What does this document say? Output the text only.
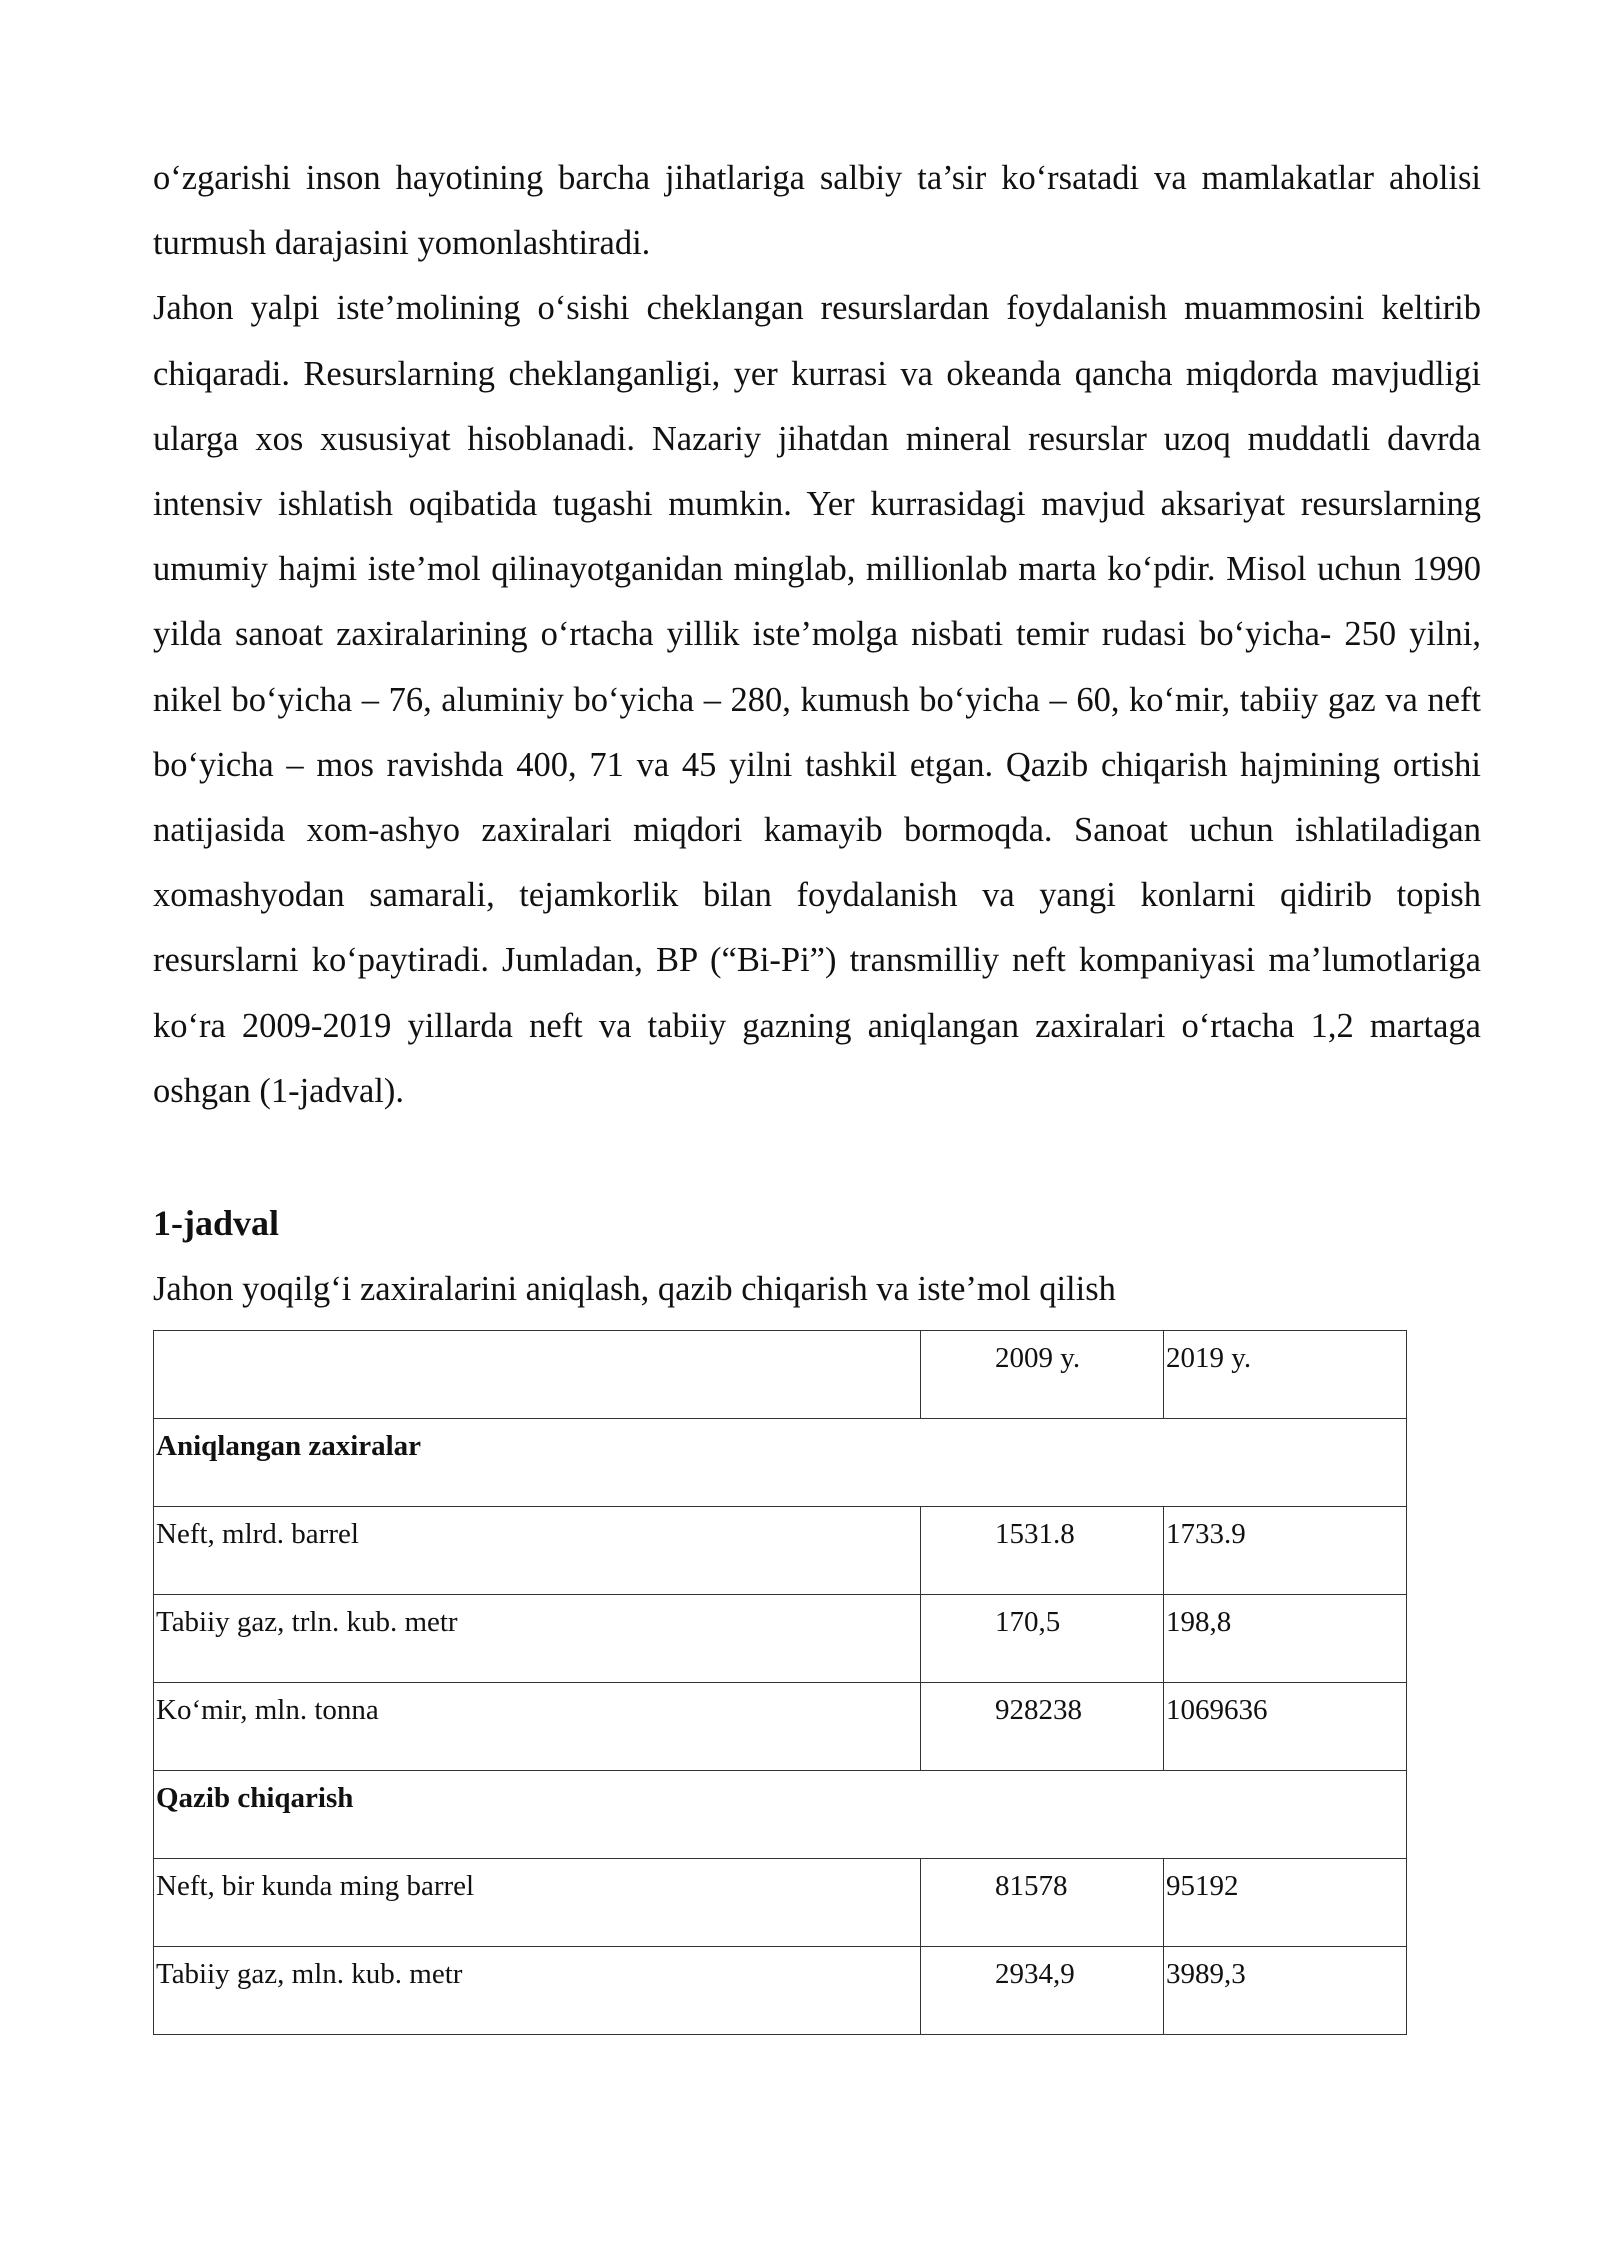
oʻzgarishi inson hayotining barcha jihatlariga salbiy ta’sir koʻrsatadi va mamlakatlar aholisi turmush darajasini yomonlashtiradi.

Jahon yalpi iste’molining oʻsishi cheklangan resurslardan foydalanish muammosini keltirib chiqaradi. Resurslarning cheklanganligi, yer kurrasi va okeanda qancha miqdorda mavjudligi ularga xos xususiyat hisoblanadi. Nazariy jihatdan mineral resurslar uzoq muddatli davrda intensiv ishlatish oqibatida tugashi mumkin. Yer kurrasidagi mavjud aksariyat resurslarning umumiy hajmi iste’mol qilinayotganidan minglab, millionlab marta koʻpdir. Misol uchun 1990 yilda sanoat zaxiralarining oʻrtacha yillik iste’molga nisbati temir rudasi boʻyicha- 250 yilni, nikel boʻyicha – 76, aluminiy boʻyicha – 280, kumush boʻyicha – 60, koʻmir, tabiiy gaz va neft boʻyicha – mos ravishda 400, 71 va 45 yilni tashkil etgan. Qazib chiqarish hajmining ortishi natijasida xom-ashyo zaxiralari miqdori kamayib bormoqda. Sanoat uchun ishlatiladigan xomashyodan samarali, tejamkorlik bilan foydalanish va yangi konlarni qidirib topish resurslarni koʻpaytiradi. Jumladan, BP (“Bi-Pi”) transmilliy neft kompaniyasi ma’lumotlariga koʻra 2009-2019 yillarda neft va tabiiy gazning aniqlangan zaxiralari oʻrtacha 1,2 martaga oshgan (1-jadval).

1-jadval
Jahon yoqilgʻi zaxiralarini aniqlash, qazib chiqarish va iste’mol qilish
	2009 y.	2019 y.
Aniqlangan zaxiralar		
Neft, mlrd. barrel	1531.8	1733.9
Tabiiy gaz, trln. kub. metr	170,5	198,8
Koʻmir, mln. tonna	928238	1069636
Qazib chiqarish		
Neft, bir kunda ming barrel	81578	95192
Tabiiy gaz, mln. kub. metr	2934,9	3989,3
